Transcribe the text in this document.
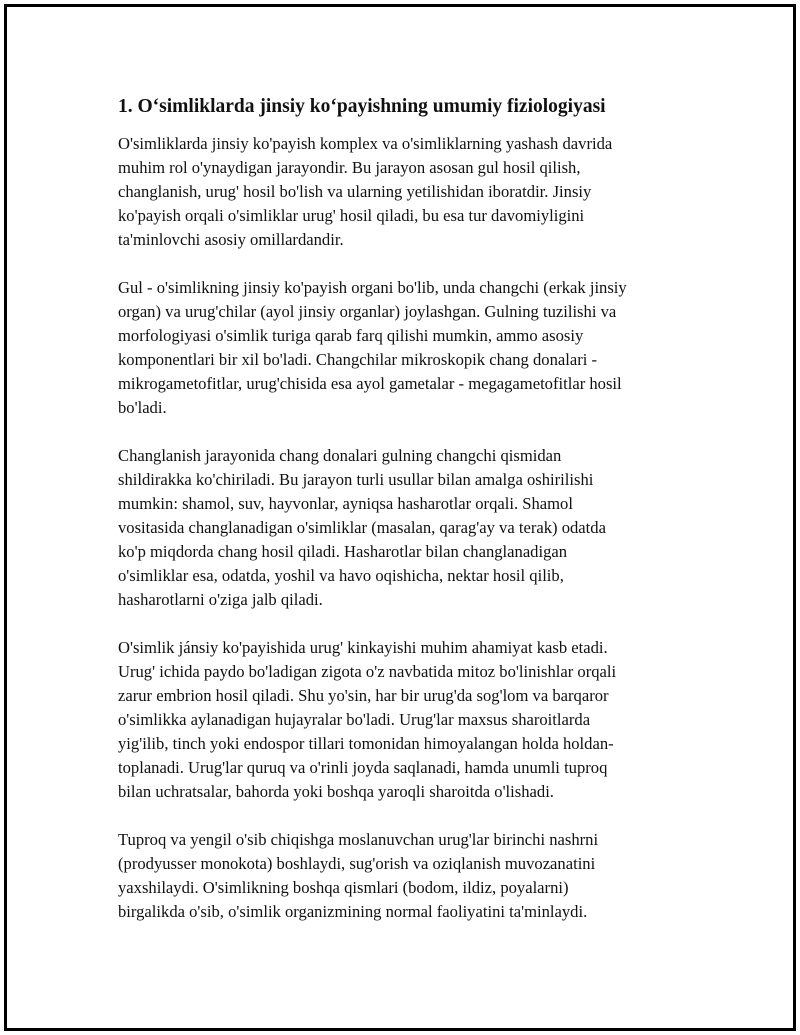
1. O‘simliklarda jinsiy ko‘payishning umumiy fiziologiyasi

O'simliklarda jinsiy ko'payish komplex va o'simliklarning yashash davrida
muhim rol o'ynaydigan jarayondir. Bu jarayon asosan gul hosil qilish,
changlanish, urug' hosil bo'lish va ularning yetilishidan iboratdir. Jinsiy
ko'payish orqali o'simliklar urug' hosil qiladi, bu esa tur davomiyligini
ta'minlovchi asosiy omillardandir.

Gul - o'simlikning jinsiy ko'payish organi bo'lib, unda changchi (erkak jinsiy
organ) va urug'chilar (ayol jinsiy organlar) joylashgan. Gulning tuzilishi va
morfologiyasi o'simlik turiga qarab farq qilishi mumkin, ammo asosiy
komponentlari bir xil bo'ladi. Changchilar mikroskopik chang donalari -
mikrogametofitlar, urug'chisida esa ayol gametalar - megagametofitlar hosil
bo'ladi.

Changlanish jarayonida chang donalari gulning changchi qismidan
shildirakka ko'chiriladi. Bu jarayon turli usullar bilan amalga oshirilishi
mumkin: shamol, suv, hayvonlar, ayniqsa hasharotlar orqali. Shamol
vositasida changlanadigan o'simliklar (masalan, qarag'ay va terak) odatda
ko'p miqdorda chang hosil qiladi. Hasharotlar bilan changlanadigan
o'simliklar esa, odatda, yoshil va havo oqishicha, nektar hosil qilib,
hasharotlarni o'ziga jalb qiladi.

O'simlik jánsiy ko'payishida urug' kinkayishi muhim ahamiyat kasb etadi.
Urug' ichida paydo bo'ladigan zigota o'z navbatida mitoz bo'linishlar orqali
zarur embrion hosil qiladi. Shu yo'sin, har bir urug'da sog'lom va barqaror
o'simlikka aylanadigan hujayralar bo'ladi. Urug'lar maxsus sharoitlarda
yig'ilib, tinch yoki endospor tillari tomonidan himoyalangan holda holdan-
toplanadi. Urug'lar quruq va o'rinli joyda saqlanadi, hamda unumli tuproq
bilan uchratsalar, bahorda yoki boshqa yaroqli sharoitda o'lishadi.

Tuproq va yengil o'sib chiqishga moslanuvchan urug'lar birinchi nashrni
(prodyusser monokota) boshlaydi, sug'orish va oziqlanish muvozanatini
yaxshilaydi. O'simlikning boshqa qismlari (bodom, ildiz, poyalarni)
birgalikda o'sib, o'simlik organizmining normal faoliyatini ta'minlaydi.
